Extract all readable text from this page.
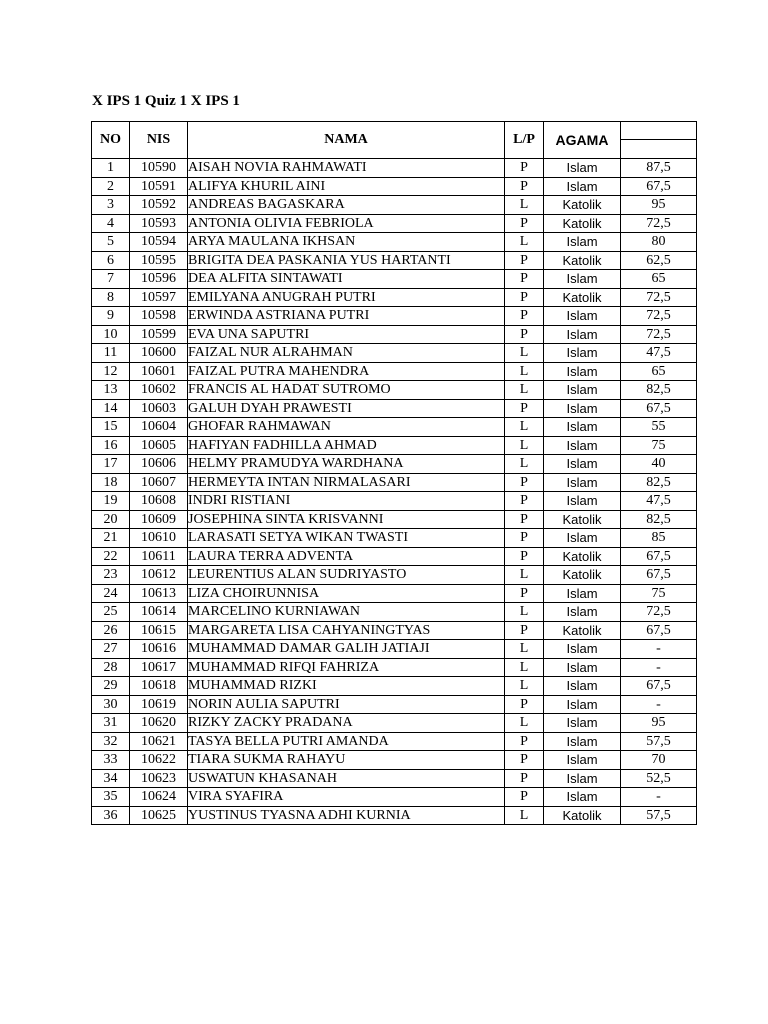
X IPS 1 Quiz 1 X IPS 1
NO	NIS	NAMA	L/P	AGAMA	

1	10590	AISAH NOVIA RAHMAWATI	P	Islam	87,5
2	10591	ALIFYA KHURIL AINI	P	Islam	67,5
3	10592	ANDREAS BAGASKARA	L	Katolik	95
4	10593	ANTONIA OLIVIA FEBRIOLA	P	Katolik	72,5
5	10594	ARYA MAULANA IKHSAN	L	Islam	80
6	10595	BRIGITA DEA PASKANIA YUS HARTANTI	P	Katolik	62,5
7	10596	DEA ALFITA SINTAWATI	P	Islam	65
8	10597	EMILYANA ANUGRAH PUTRI	P	Katolik	72,5
9	10598	ERWINDA ASTRIANA PUTRI	P	Islam	72,5
10	10599	EVA UNA SAPUTRI	P	Islam	72,5
11	10600	FAIZAL NUR ALRAHMAN	L	Islam	47,5
12	10601	FAIZAL PUTRA MAHENDRA	L	Islam	65
13	10602	FRANCIS AL HADAT SUTROMO	L	Islam	82,5
14	10603	GALUH DYAH PRAWESTI	P	Islam	67,5
15	10604	GHOFAR RAHMAWAN	L	Islam	55
16	10605	HAFIYAN FADHILLA AHMAD	L	Islam	75
17	10606	HELMY PRAMUDYA WARDHANA	L	Islam	40
18	10607	HERMEYTA INTAN NIRMALASARI	P	Islam	82,5
19	10608	INDRI RISTIANI	P	Islam	47,5
20	10609	JOSEPHINA SINTA KRISVANNI	P	Katolik	82,5
21	10610	LARASATI SETYA WIKAN TWASTI	P	Islam	85
22	10611	LAURA TERRA ADVENTA	P	Katolik	67,5
23	10612	LEURENTIUS ALAN SUDRIYASTO	L	Katolik	67,5
24	10613	LIZA CHOIRUNNISA	P	Islam	75
25	10614	MARCELINO KURNIAWAN	L	Islam	72,5
26	10615	MARGARETA LISA CAHYANINGTYAS	P	Katolik	67,5
27	10616	MUHAMMAD DAMAR GALIH JATIAJI	L	Islam	-
28	10617	MUHAMMAD RIFQI FAHRIZA	L	Islam	-
29	10618	MUHAMMAD RIZKI	L	Islam	67,5
30	10619	NORIN AULIA SAPUTRI	P	Islam	-
31	10620	RIZKY ZACKY PRADANA	L	Islam	95
32	10621	TASYA BELLA PUTRI AMANDA	P	Islam	57,5
33	10622	TIARA SUKMA RAHAYU	P	Islam	70
34	10623	USWATUN KHASANAH	P	Islam	52,5
35	10624	VIRA SYAFIRA	P	Islam	-
36	10625	YUSTINUS TYASNA ADHI KURNIA	L	Katolik	57,5
